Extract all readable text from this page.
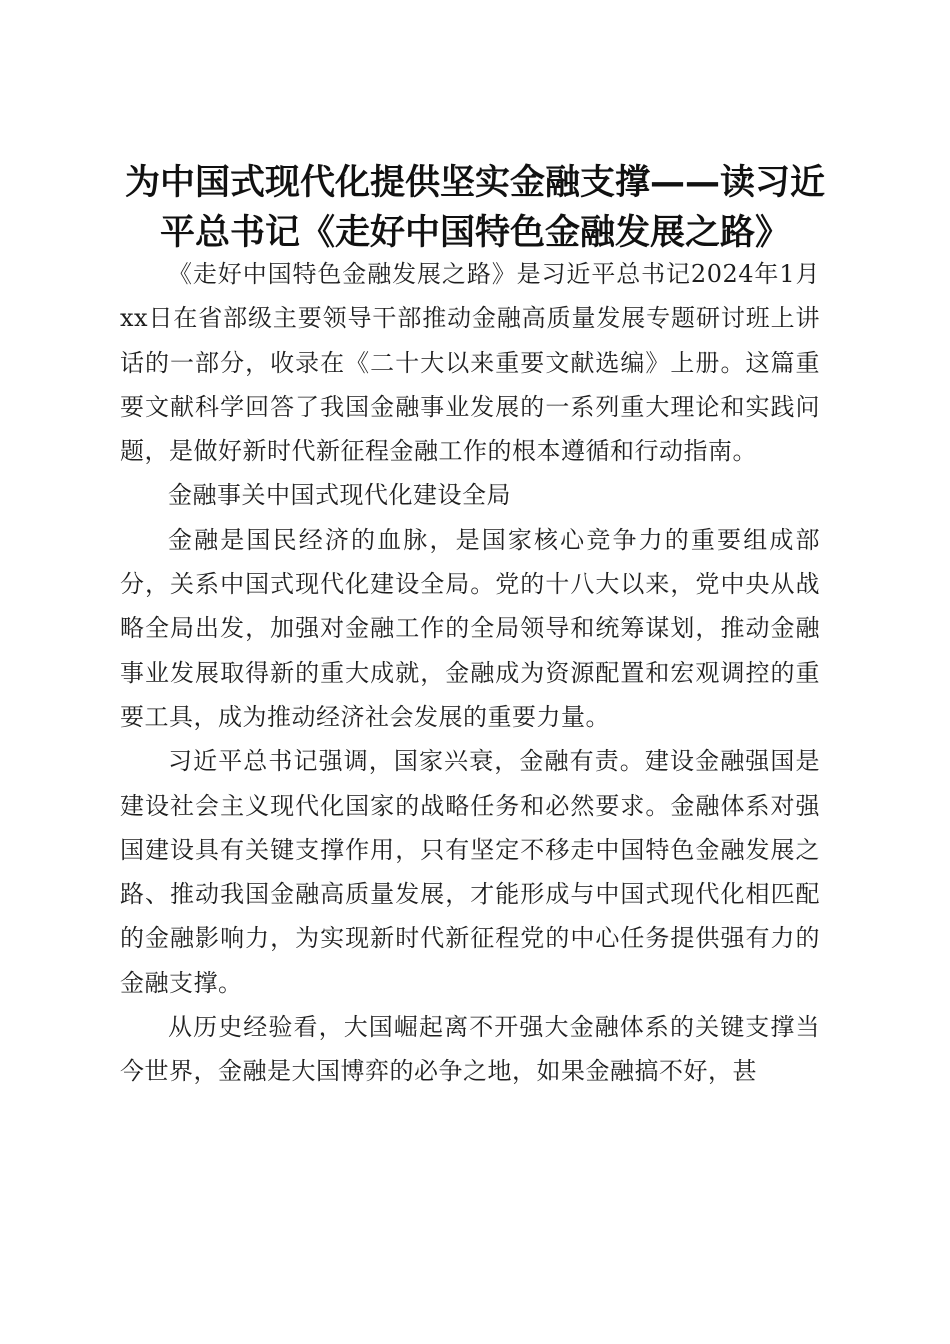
为中国式现代化提供坚实金融支撑——读习近
平总书记《走好中国特色金融发展之路》

《走好中国特色金融发展之路》是习近平总书记2024年1月xx日在省部级主要领导干部推动金融高质量发展专题研讨班上讲话的一部分，收录在《二十大以来重要文献选编》上册。这篇重要文献科学回答了我国金融事业发展的一系列重大理论和实践问题，是做好新时代新征程金融工作的根本遵循和行动指南。

金融事关中国式现代化建设全局

金融是国民经济的血脉，是国家核心竞争力的重要组成部分，关系中国式现代化建设全局。党的十八大以来，党中央从战略全局出发，加强对金融工作的全局领导和统筹谋划，推动金融事业发展取得新的重大成就，金融成为资源配置和宏观调控的重要工具，成为推动经济社会发展的重要力量。

习近平总书记强调，国家兴衰，金融有责。建设金融强国是建设社会主义现代化国家的战略任务和必然要求。金融体系对强国建设具有关键支撑作用，只有坚定不移走中国特色金融发展之路、推动我国金融高质量发展，才能形成与中国式现代化相匹配的金融影响力，为实现新时代新征程党的中心任务提供强有力的金融支撑。

从历史经验看，大国崛起离不开强大金融体系的关键支撑当今世界，金融是大国博弈的必争之地，如果金融搞不好，甚
